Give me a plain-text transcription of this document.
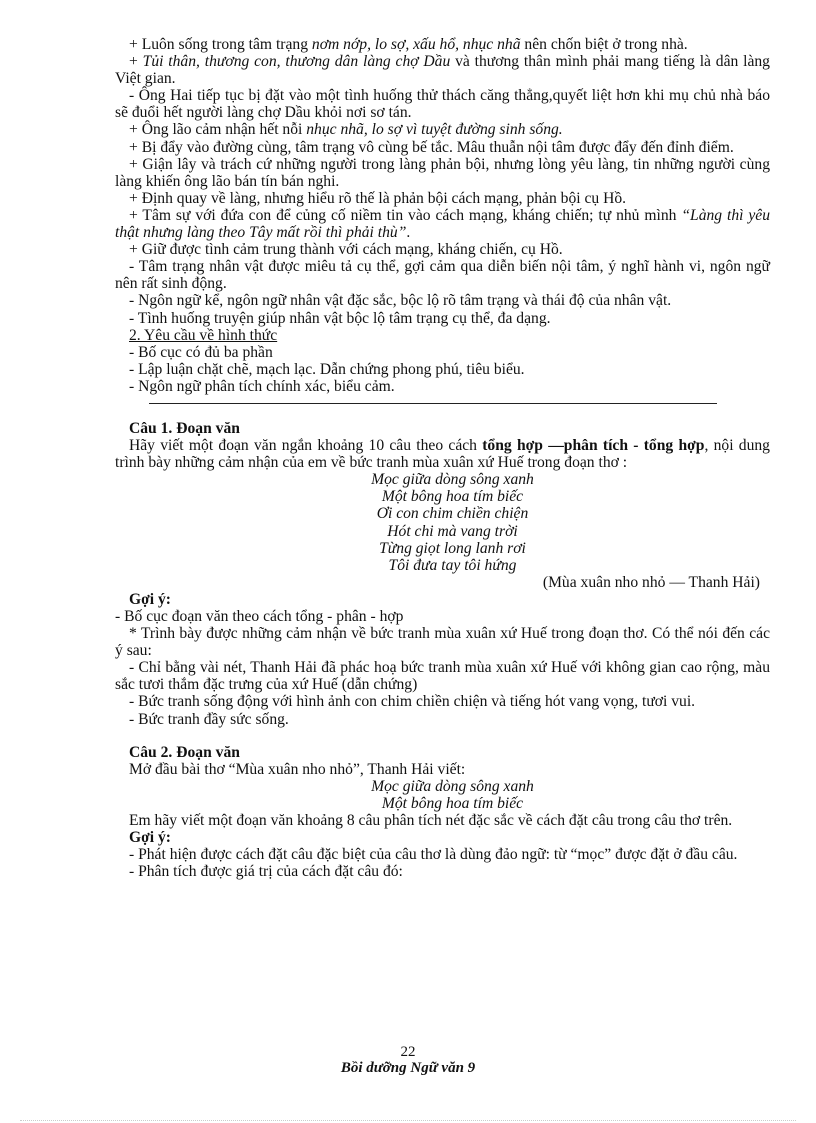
+ Luôn sống trong tâm trạng nơm nớp, lo sợ, xấu hổ, nhục nhã nên chốn biệt ở trong nhà.

+ Tủi thân, thương con, thương dân làng chợ Dầu và thương thân mình phải mang tiếng là dân làng Việt gian.

- Ông Hai tiếp tục bị đặt vào một tình huống thử thách căng thẳng,quyết liệt hơn khi mụ chủ nhà báo sẽ đuổi hết người làng chợ Dầu khỏi nơi sơ tán.

+ Ông lão cảm nhận hết nỗi nhục nhã, lo sợ vì tuyệt đường sinh sống.

+ Bị đẩy vào đường cùng, tâm trạng vô cùng bế tắc. Mâu thuẫn nội tâm được đẩy đến đỉnh điểm.

+ Giận lây và trách cứ những người trong làng phản bội, nhưng lòng yêu làng, tin những người cùng làng khiến ông lão bán tín bán nghi.

+ Định quay về làng, nhưng hiểu rõ thế là phản bội cách mạng, phản bội cụ Hồ.

+ Tâm sự với đứa con để củng cố niềm tin vào cách mạng, kháng chiến; tự nhủ mình “Làng thì yêu thật nhưng làng theo Tây mất rồi thì phải thù”.

+ Giữ được tình cảm trung thành với cách mạng, kháng chiến, cụ Hồ.

- Tâm trạng nhân vật được miêu tả cụ thể, gợi cảm qua diễn biến nội tâm, ý nghĩ hành vi, ngôn ngữ nên rất sinh động.

- Ngôn ngữ kể, ngôn ngữ nhân vật đặc sắc, bộc lộ rõ tâm trạng và thái độ của nhân vật.

- Tình huống truyện giúp nhân vật bộc lộ tâm trạng cụ thể, đa dạng.

2. Yêu cầu về hình thức

- Bố cục có đủ ba phần

- Lập luận chặt chẽ, mạch lạc. Dẫn chứng phong phú, tiêu biểu.

- Ngôn ngữ phân tích chính xác, biểu cảm.

Câu 1. Đoạn văn

Hãy viết một đoạn văn ngắn khoảng 10 câu theo cách tổng hợp —phân tích - tổng hợp, nội dung trình bày những cảm nhận của em về bức tranh mùa xuân xứ Huế trong đoạn thơ :

Mọc giữa dòng sông xanh

Một bông hoa tím biếc

Ơi con chim chiền chiện

Hót chi mà vang trời

Từng giọt long lanh rơi

Tôi đưa tay tôi hứng

(Mùa xuân nho nhỏ — Thanh Hải)

Gợi ý:

- Bố cục đoạn văn theo cách tổng - phân - hợp

* Trình bày được những cảm nhận về bức tranh mùa xuân xứ Huế trong đoạn thơ. Có thể nói đến các ý sau:

- Chỉ bằng vài nét, Thanh Hải đã phác hoạ bức tranh mùa xuân xứ Huế với không gian cao rộng, màu sắc tươi thắm đặc trưng của xứ Huế (dẫn chứng)

- Bức tranh sống động với hình ảnh con chim chiền chiện và tiếng hót vang vọng, tươi vui.

- Bức tranh đầy sức sống.

Câu 2. Đoạn văn

Mở đầu bài thơ “Mùa xuân nho nhỏ”, Thanh Hải viết:

Mọc giữa dòng sông xanh

Một bông hoa tím biếc

Em hãy viết một đoạn văn khoảng 8 câu phân tích nét đặc sắc về cách đặt câu trong câu thơ trên.

Gợi ý:

- Phát hiện được cách đặt câu đặc biệt của câu thơ là dùng đảo ngữ: từ “mọc” được đặt ở đầu câu.

- Phân tích được giá trị của cách đặt câu đó:

22
Bồi dưỡng Ngữ văn 9
